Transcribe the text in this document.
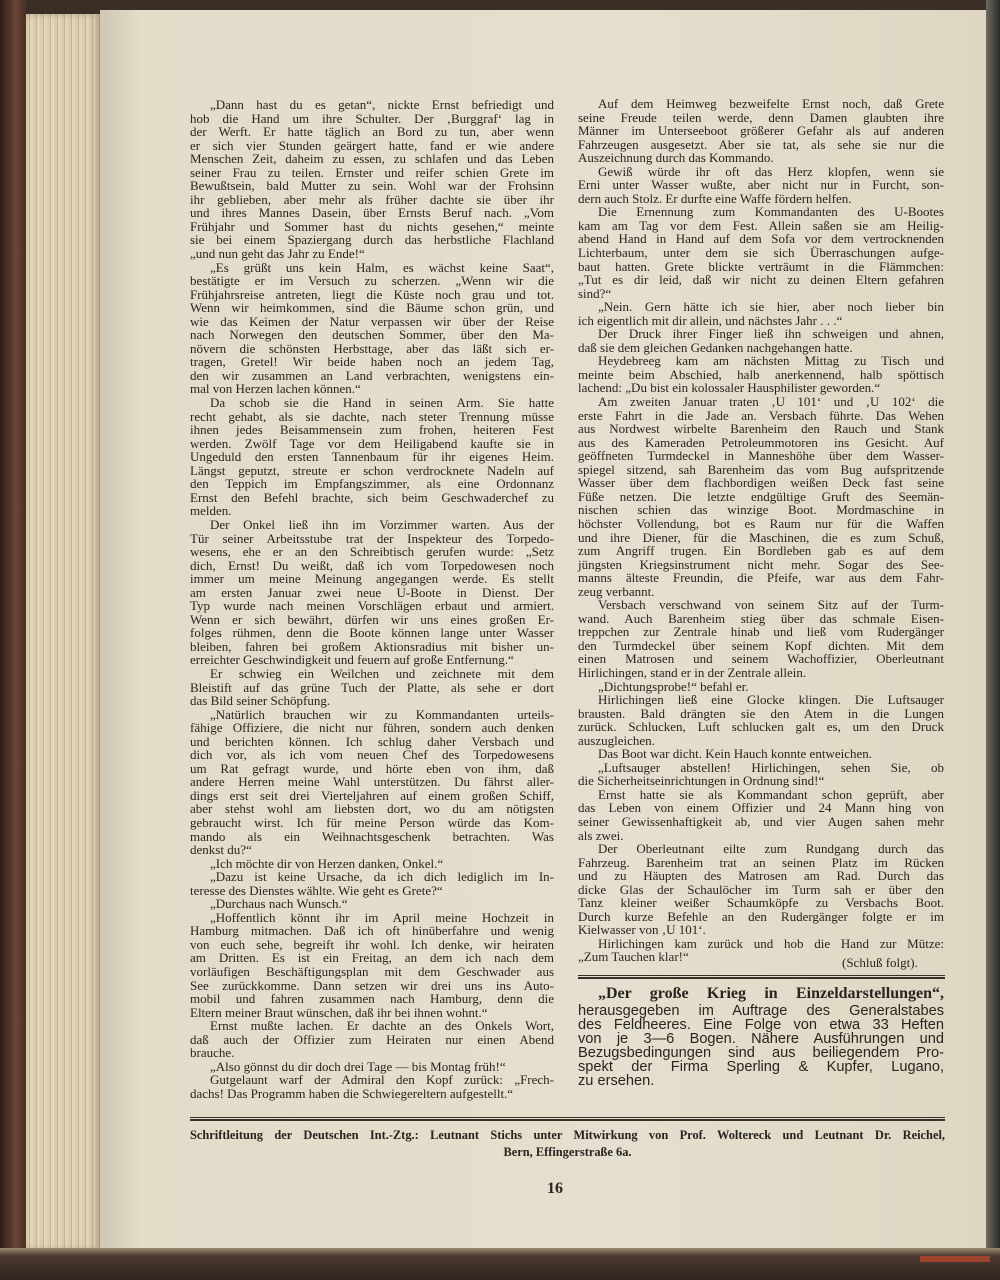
„Dann hast du es getan“, nickte Ernst befriedigt und
hob die Hand um ihre Schulter. Der ‚Burggraf‘ lag in
der Werft. Er hatte täglich an Bord zu tun, aber wenn
er sich vier Stunden geärgert hatte, fand er wie andere
Menschen Zeit, daheim zu essen, zu schlafen und das Leben
seiner Frau zu teilen. Ernster und reifer schien Grete im
Bewußtsein, bald Mutter zu sein. Wohl war der Frohsinn
ihr geblieben, aber mehr als früher dachte sie über ihr
und ihres Mannes Dasein, über Ernsts Beruf nach. „Vom
Frühjahr und Sommer hast du nichts gesehen,“ meinte
sie bei einem Spaziergang durch das herbstliche Flachland
„und nun geht das Jahr zu Ende!“
„Es grüßt uns kein Halm, es wächst keine Saat“,
bestätigte er im Versuch zu scherzen. „Wenn wir die
Frühjahrsreise antreten, liegt die Küste noch grau und tot.
Wenn wir heimkommen, sind die Bäume schon grün, und
wie das Keimen der Natur verpassen wir über der Reise
nach Norwegen den deutschen Sommer, über den Ma-
növern die schönsten Herbsttage, aber das läßt sich er-
tragen, Gretel! Wir beide haben noch an jedem Tag,
den wir zusammen an Land verbrachten, wenigstens ein-
mal von Herzen lachen können.“
Da schob sie die Hand in seinen Arm. Sie hatte
recht gehabt, als sie dachte, nach steter Trennung müsse
ihnen jedes Beisammensein zum frohen, heiteren Fest
werden. Zwölf Tage vor dem Heiligabend kaufte sie in
Ungeduld den ersten Tannenbaum für ihr eigenes Heim.
Längst geputzt, streute er schon verdrocknete Nadeln auf
den Teppich im Empfangszimmer, als eine Ordonnanz
Ernst den Befehl brachte, sich beim Geschwaderchef zu
melden.
Der Onkel ließ ihn im Vorzimmer warten. Aus der
Tür seiner Arbeitsstube trat der Inspekteur des Torpedo-
wesens, ehe er an den Schreibtisch gerufen wurde: „Setz
dich, Ernst! Du weißt, daß ich vom Torpedowesen noch
immer um meine Meinung angegangen werde. Es stellt
am ersten Januar zwei neue U-Boote in Dienst. Der
Typ wurde nach meinen Vorschlägen erbaut und armiert.
Wenn er sich bewährt, dürfen wir uns eines großen Er-
folges rühmen, denn die Boote können lange unter Wasser
bleiben, fahren bei großem Aktionsradius mit bisher un-
erreichter Geschwindigkeit und feuern auf große Entfernung.“
Er schwieg ein Weilchen und zeichnete mit dem
Bleistift auf das grüne Tuch der Platte, als sehe er dort
das Bild seiner Schöpfung.
„Natürlich brauchen wir zu Kommandanten urteils-
fähige Offiziere, die nicht nur führen, sondern auch denken
und berichten können. Ich schlug daher Versbach und
dich vor, als ich vom neuen Chef des Torpedowesens
um Rat gefragt wurde, und hörte eben von ihm, daß
andere Herren meine Wahl unterstützen. Du fährst aller-
dings erst seit drei Vierteljahren auf einem großen Schiff,
aber stehst wohl am liebsten dort, wo du am nötigsten
gebraucht wirst. Ich für meine Person würde das Kom-
mando als ein Weihnachtsgeschenk betrachten. Was
denkst du?“
„Ich möchte dir von Herzen danken, Onkel.“
„Dazu ist keine Ursache, da ich dich lediglich im In-
teresse des Dienstes wählte. Wie geht es Grete?“
„Durchaus nach Wunsch.“
„Hoffentlich könnt ihr im April meine Hochzeit in
Hamburg mitmachen. Daß ich oft hinüberfahre und wenig
von euch sehe, begreift ihr wohl. Ich denke, wir heiraten
am Dritten. Es ist ein Freitag, an dem ich nach dem
vorläufigen Beschäftigungsplan mit dem Geschwader aus
See zurückkomme. Dann setzen wir drei uns ins Auto-
mobil und fahren zusammen nach Hamburg, denn die
Eltern meiner Braut wünschen, daß ihr bei ihnen wohnt.“
Ernst mußte lachen. Er dachte an des Onkels Wort,
daß auch der Offizier zum Heiraten nur einen Abend
brauche.
„Also gönnst du dir doch drei Tage — bis Montag früh!“
Gutgelaunt warf der Admiral den Kopf zurück: „Frech-
dachs! Das Programm haben die Schwiegereltern aufgestellt.“
Auf dem Heimweg bezweifelte Ernst noch, daß Grete
seine Freude teilen werde, denn Damen glaubten ihre
Männer im Unterseeboot größerer Gefahr als auf anderen
Fahrzeugen ausgesetzt. Aber sie tat, als sehe sie nur die
Auszeichnung durch das Kommando.
Gewiß würde ihr oft das Herz klopfen, wenn sie
Erni unter Wasser wußte, aber nicht nur in Furcht, son-
dern auch Stolz. Er durfte eine Waffe fördern helfen.
Die Ernennung zum Kommandanten des U-Bootes
kam am Tag vor dem Fest. Allein saßen sie am Heilig-
abend Hand in Hand auf dem Sofa vor dem vertrocknenden
Lichterbaum, unter dem sie sich Überraschungen aufge-
baut hatten. Grete blickte verträumt in die Flämmchen:
„Tut es dir leid, daß wir nicht zu deinen Eltern gefahren
sind?“
„Nein. Gern hätte ich sie hier, aber noch lieber bin
ich eigentlich mit dir allein, und nächstes Jahr . . .“
Der Druck ihrer Finger ließ ihn schweigen und ahnen,
daß sie dem gleichen Gedanken nachgehangen hatte.
Heydebreeg kam am nächsten Mittag zu Tisch und
meinte beim Abschied, halb anerkennend, halb spöttisch
lachend: „Du bist ein kolossaler Hausphilister geworden.“
Am zweiten Januar traten ‚U 101‘ und ‚U 102‘ die
erste Fahrt in die Jade an. Versbach führte. Das Wehen
aus Nordwest wirbelte Barenheim den Rauch und Stank
aus des Kameraden Petroleummotoren ins Gesicht. Auf
geöffneten Turmdeckel in Manneshöhe über dem Wasser-
spiegel sitzend, sah Barenheim das vom Bug aufspritzende
Wasser über dem flachbordigen weißen Deck fast seine
Füße netzen. Die letzte endgültige Gruft des Seemän-
nischen schien das winzige Boot. Mordmaschine in
höchster Vollendung, bot es Raum nur für die Waffen
und ihre Diener, für die Maschinen, die es zum Schuß,
zum Angriff trugen. Ein Bordleben gab es auf dem
jüngsten Kriegsinstrument nicht mehr. Sogar des See-
manns älteste Freundin, die Pfeife, war aus dem Fahr-
zeug verbannt.
Versbach verschwand von seinem Sitz auf der Turm-
wand. Auch Barenheim stieg über das schmale Eisen-
treppchen zur Zentrale hinab und ließ vom Rudergänger
den Turmdeckel über seinem Kopf dichten. Mit dem
einen Matrosen und seinem Wachoffizier, Oberleutnant
Hirlichingen, stand er in der Zentrale allein.
„Dichtungsprobe!“ befahl er.
Hirlichingen ließ eine Glocke klingen. Die Luftsauger
brausten. Bald drängten sie den Atem in die Lungen
zurück. Schlucken, Luft schlucken galt es, um den Druck
auszugleichen.
Das Boot war dicht. Kein Hauch konnte entweichen.
„Luftsauger abstellen! Hirlichingen, sehen Sie, ob
die Sicherheitseinrichtungen in Ordnung sind!“
Ernst hatte sie als Kommandant schon geprüft, aber
das Leben von einem Offizier und 24 Mann hing von
seiner Gewissenhaftigkeit ab, und vier Augen sahen mehr
als zwei.
Der Oberleutnant eilte zum Rundgang durch das
Fahrzeug. Barenheim trat an seinen Platz im Rücken
und zu Häupten des Matrosen am Rad. Durch das
dicke Glas der Schaulöcher im Turm sah er über den
Tanz kleiner weißer Schaumköpfe zu Versbachs Boot.
Durch kurze Befehle an den Rudergänger folgte er im
Kielwasser von ‚U 101‘.
Hirlichingen kam zurück und hob die Hand zur Mütze:
„Zum Tauchen klar!“	(Schluß folgt).
„Der große Krieg in Einzeldarstellungen“,
herausgegeben im Auftrage des Generalstabes
des Feldheeres. Eine Folge von etwa 33 Heften
von je 3—6 Bogen. Nähere Ausführungen und
Bezugsbedingungen sind aus beiliegendem Pro-
spekt der Firma Sperling & Kupfer, Lugano,
zu ersehen.
Schriftleitung der Deutschen Int.-Ztg.: Leutnant Stichs unter Mitwirkung von Prof. Woltereck und Leutnant Dr. Reichel,
Bern, Effingerstraße 6a.
16
